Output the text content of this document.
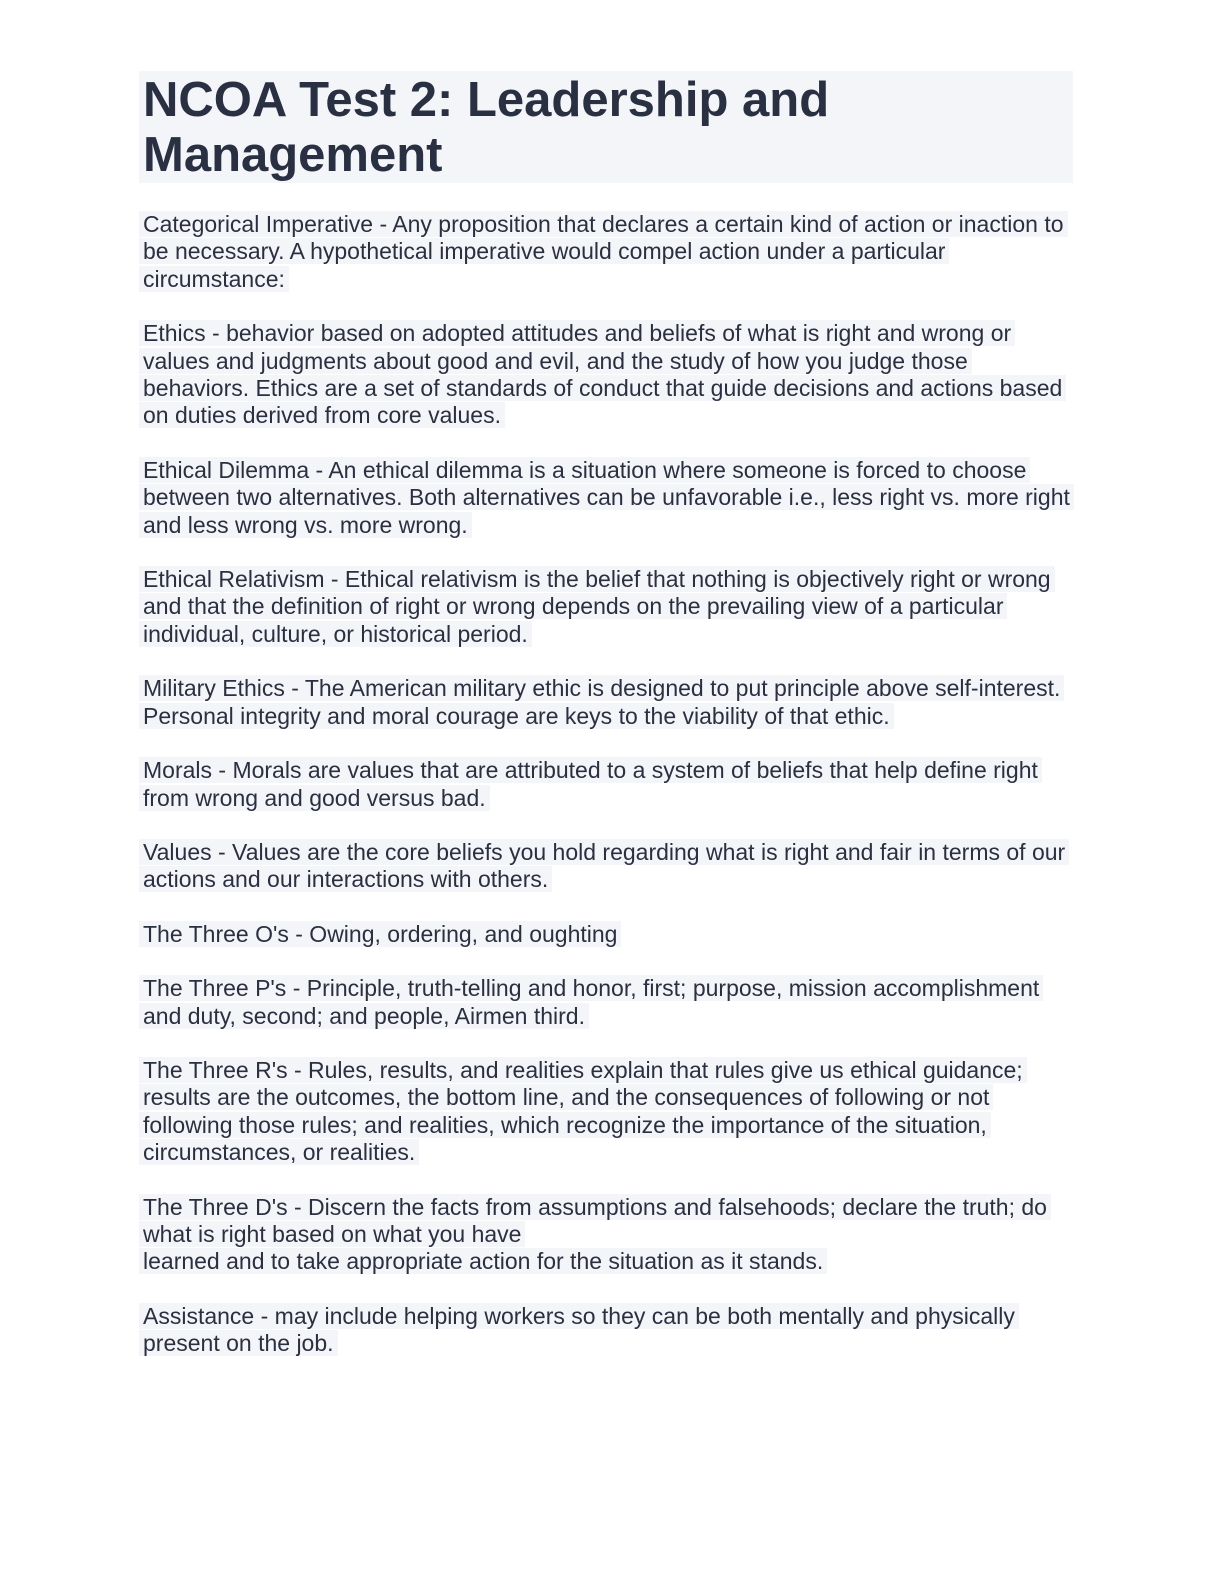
NCOA Test 2: Leadership and
Management

Categorical Imperative - Any proposition that declares a certain kind of action or inaction to be necessary. A hypothetical imperative would compel action under a particular circumstance:

Ethics - behavior based on adopted attitudes and beliefs of what is right and wrong or values and judgments about good and evil, and the study of how you judge those behaviors. Ethics are a set of standards of conduct that guide decisions and actions based on duties derived from core values.

Ethical Dilemma - An ethical dilemma is a situation where someone is forced to choose between two alternatives. Both alternatives can be unfavorable i.e., less right vs. more right and less wrong vs. more wrong.

Ethical Relativism - Ethical relativism is the belief that nothing is objectively right or wrong and that the definition of right or wrong depends on the prevailing view of a particular individual, culture, or historical period.

Military Ethics - The American military ethic is designed to put principle above self-interest. Personal integrity and moral courage are keys to the viability of that ethic.

Morals - Morals are values that are attributed to a system of beliefs that help define right from wrong and good versus bad.

Values - Values are the core beliefs you hold regarding what is right and fair in terms of our actions and our interactions with others.

The Three O's - Owing, ordering, and oughting

The Three P's - Principle, truth-telling and honor, first; purpose, mission accomplishment and duty, second; and people, Airmen third.

The Three R's - Rules, results, and realities explain that rules give us ethical guidance; results are the outcomes, the bottom line, and the consequences of following or not following those rules; and realities, which recognize the importance of the situation, circumstances, or realities.

The Three D's - Discern the facts from assumptions and falsehoods; declare the truth; do what is right based on what you have
learned and to take appropriate action for the situation as it stands.

Assistance - may include helping workers so they can be both mentally and physically present on the job.
